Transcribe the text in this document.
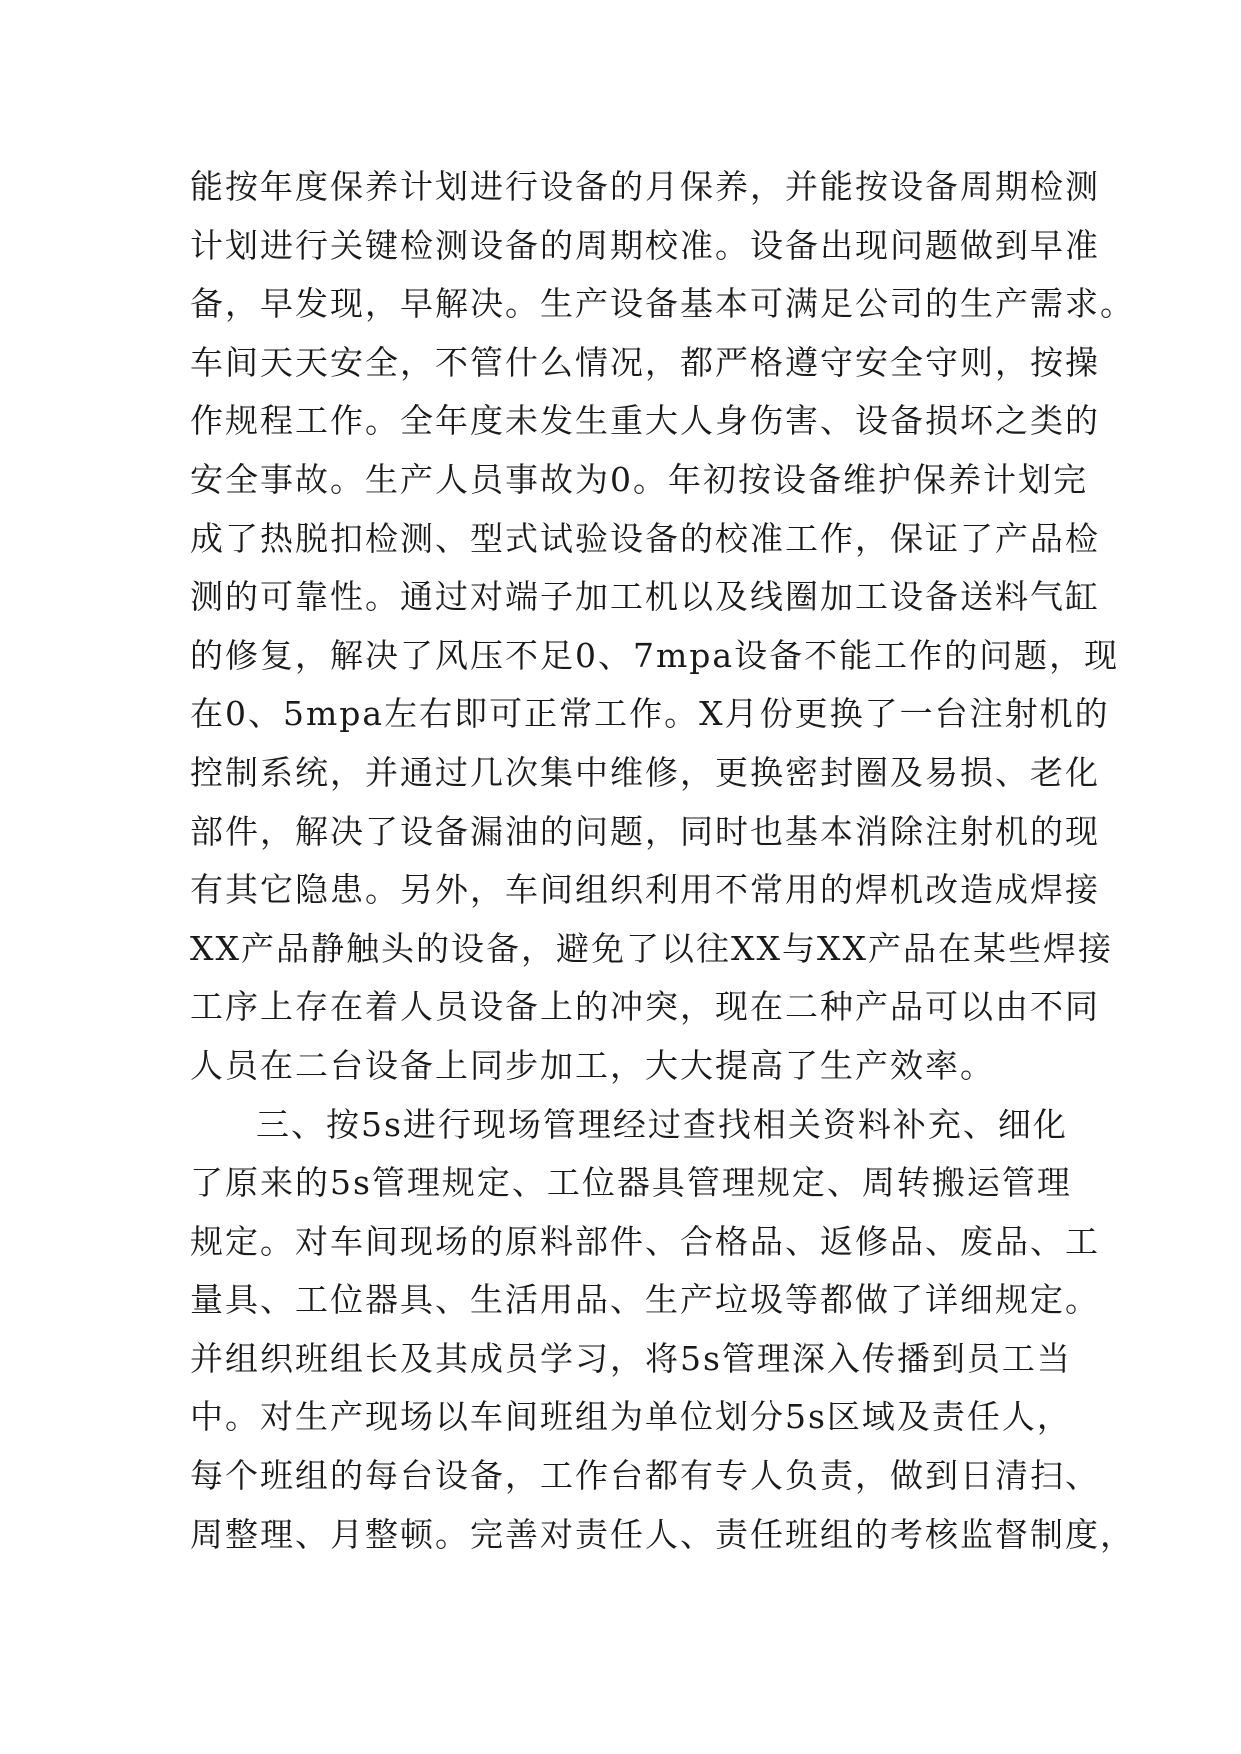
能按年度保养计划进行设备的月保养，并能按设备周期检测
计划进行关键检测设备的周期校准。设备出现问题做到早准
备，早发现，早解决。生产设备基本可满足公司的生产需求。
车间天天安全，不管什么情况，都严格遵守安全守则，按操
作规程工作。全年度未发生重大人身伤害、设备损坏之类的
安全事故。生产人员事故为0。年初按设备维护保养计划完
成了热脱扣检测、型式试验设备的校准工作，保证了产品检
测的可靠性。通过对端子加工机以及线圈加工设备送料气缸
的修复，解决了风压不足0、7mpa设备不能工作的问题，现
在0、5mpa左右即可正常工作。X月份更换了一台注射机的
控制系统，并通过几次集中维修，更换密封圈及易损、老化
部件，解决了设备漏油的问题，同时也基本消除注射机的现
有其它隐患。另外，车间组织利用不常用的焊机改造成焊接
XX产品静触头的设备，避免了以往XX与XX产品在某些焊接
工序上存在着人员设备上的冲突，现在二种产品可以由不同
人员在二台设备上同步加工，大大提高了生产效率。
三、按5s进行现场管理经过查找相关资料补充、细化
了原来的5s管理规定、工位器具管理规定、周转搬运管理
规定。对车间现场的原料部件、合格品、返修品、废品、工
量具、工位器具、生活用品、生产垃圾等都做了详细规定。
并组织班组长及其成员学习，将5s管理深入传播到员工当
中。对生产现场以车间班组为单位划分5s区域及责任人，
每个班组的每台设备，工作台都有专人负责，做到日清扫、
周整理、月整顿。完善对责任人、责任班组的考核监督制度，
